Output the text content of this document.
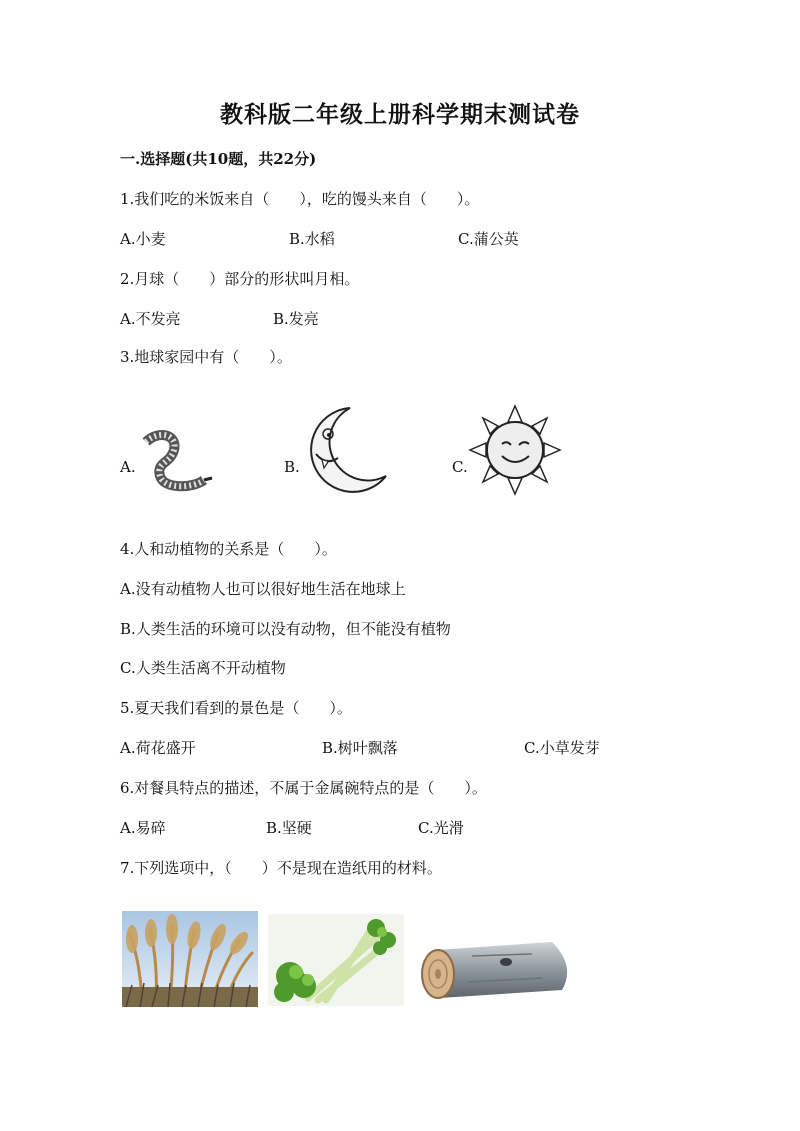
教科版二年级上册科学期末测试卷
一.选择题(共10题，共22分)
1.我们吃的米饭来自（　　），吃的馒头来自（　　）。
A.小麦	B.水稻	C.蒲公英
2.月球（　　）部分的形状叫月相。
A.不发亮	B.发亮
3.地球家园中有（　　）。
A.	B.	C.
4.人和动植物的关系是（　　）。
A.没有动植物人也可以很好地生活在地球上
B.人类生活的环境可以没有动物，但不能没有植物
C.人类生活离不开动植物
5.夏天我们看到的景色是（　　）。
A.荷花盛开	B.树叶飘落	C.小草发芽
6.对餐具特点的描述，不属于金属碗特点的是（　　）。
A.易碎	B.坚硬	C.光滑
7.下列选项中，（　　）不是现在造纸用的材料。
